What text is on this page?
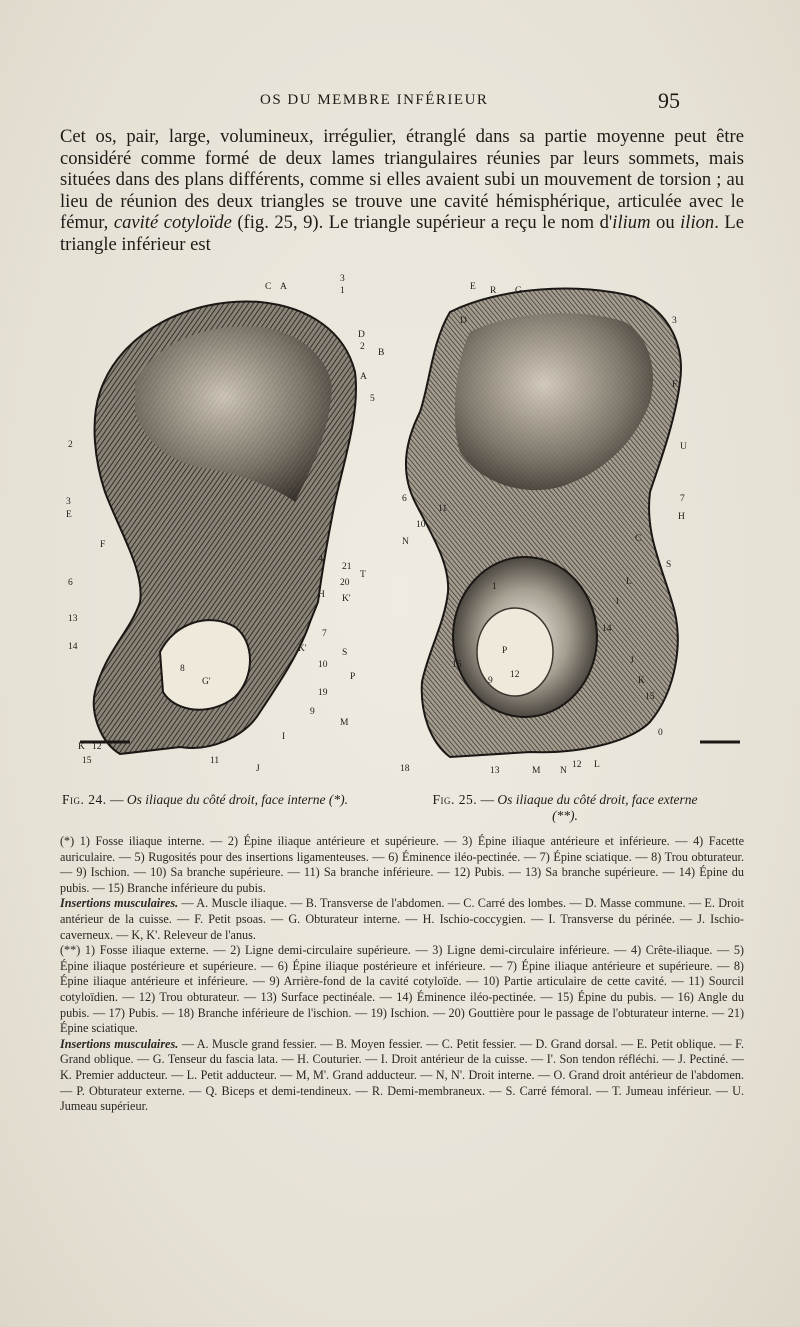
OS DU MEMBRE INFÉRIEUR	95

Cet os, pair, large, volumineux, irrégulier, étranglé dans sa partie moyenne peut être considéré comme formé de deux lames triangulaires réunies par leurs sommets, mais situées dans des plans différents, comme si elles avaient subi un mouvement de torsion ; au lieu de réunion des deux triangles se trouve une cavité hémisphérique, articulée avec le fémur, cavité cotyloïde (fig. 25, 9). Le triangle supérieur a reçu le nom d'ilium ou ilion. Le triangle inférieur est

C A
3
1
D
2
B
A
5
4
2
3
E
F
6
13
14
8
G'
K 12
15	11
J
I
7
K'
10
19
9
H
21
20
T
K'
S
P
M
18
E R
D
G
3
F
U
7
H
C
6
11
10
N
S
L
1
1
14
J
K
15
0
16
9
P
12
13	M N
12 L
Fig. 24. — Os iliaque du côté droit, face interne (*).	Fig. 25. — Os iliaque du côté droit, face externe (**).

(*) 1) Fosse iliaque interne. — 2) Épine iliaque antérieure et supérieure. — 3) Épine iliaque antérieure et inférieure. — 4) Facette auriculaire. — 5) Rugosités pour des insertions ligamenteuses. — 6) Éminence iléo-pectinée. — 7) Épine sciatique. — 8) Trou obturateur. — 9) Ischion. — 10) Sa branche supérieure. — 11) Sa branche inférieure. — 12) Pubis. — 13) Sa branche supérieure. — 14) Épine du pubis. — 15) Branche inférieure du pubis.

Insertions musculaires. — A. Muscle iliaque. — B. Transverse de l'abdomen. — C. Carré des lombes. — D. Masse commune. — E. Droit antérieur de la cuisse. — F. Petit psoas. — G. Obturateur interne. — H. Ischio-coccygien. — I. Transverse du périnée. — J. Ischio-caverneux. — K, K'. Releveur de l'anus.

(**) 1) Fosse iliaque externe. — 2) Ligne demi-circulaire supérieure. — 3) Ligne demi-circulaire inférieure. — 4) Crête-iliaque. — 5) Épine iliaque postérieure et supérieure. — 6) Épine iliaque postérieure et inférieure. — 7) Épine iliaque antérieure et supérieure. — 8) Épine iliaque antérieure et inférieure. — 9) Arrière-fond de la cavité cotyloïde. — 10) Partie articulaire de cette cavité. — 11) Sourcil cotyloïdien. — 12) Trou obturateur. — 13) Surface pectinéale. — 14) Éminence iléo-pectinée. — 15) Épine du pubis. — 16) Angle du pubis. — 17) Pubis. — 18) Branche inférieure de l'ischion. — 19) Ischion. — 20) Gouttière pour le passage de l'obturateur interne. — 21) Épine sciatique.

Insertions musculaires. — A. Muscle grand fessier. — B. Moyen fessier. — C. Petit fessier. — D. Grand dorsal. — E. Petit oblique. — F. Grand oblique. — G. Tenseur du fascia lata. — H. Couturier. — I. Droit antérieur de la cuisse. — I'. Son tendon réfléchi. — J. Pectiné. — K. Premier adducteur. — L. Petit adducteur. — M, M'. Grand adducteur. — N, N'. Droit interne. — O. Grand droit antérieur de l'abdomen. — P. Obturateur externe. — Q. Biceps et demi-tendineux. — R. Demi-membraneux. — S. Carré fémoral. — T. Jumeau inférieur. — U. Jumeau supérieur.
